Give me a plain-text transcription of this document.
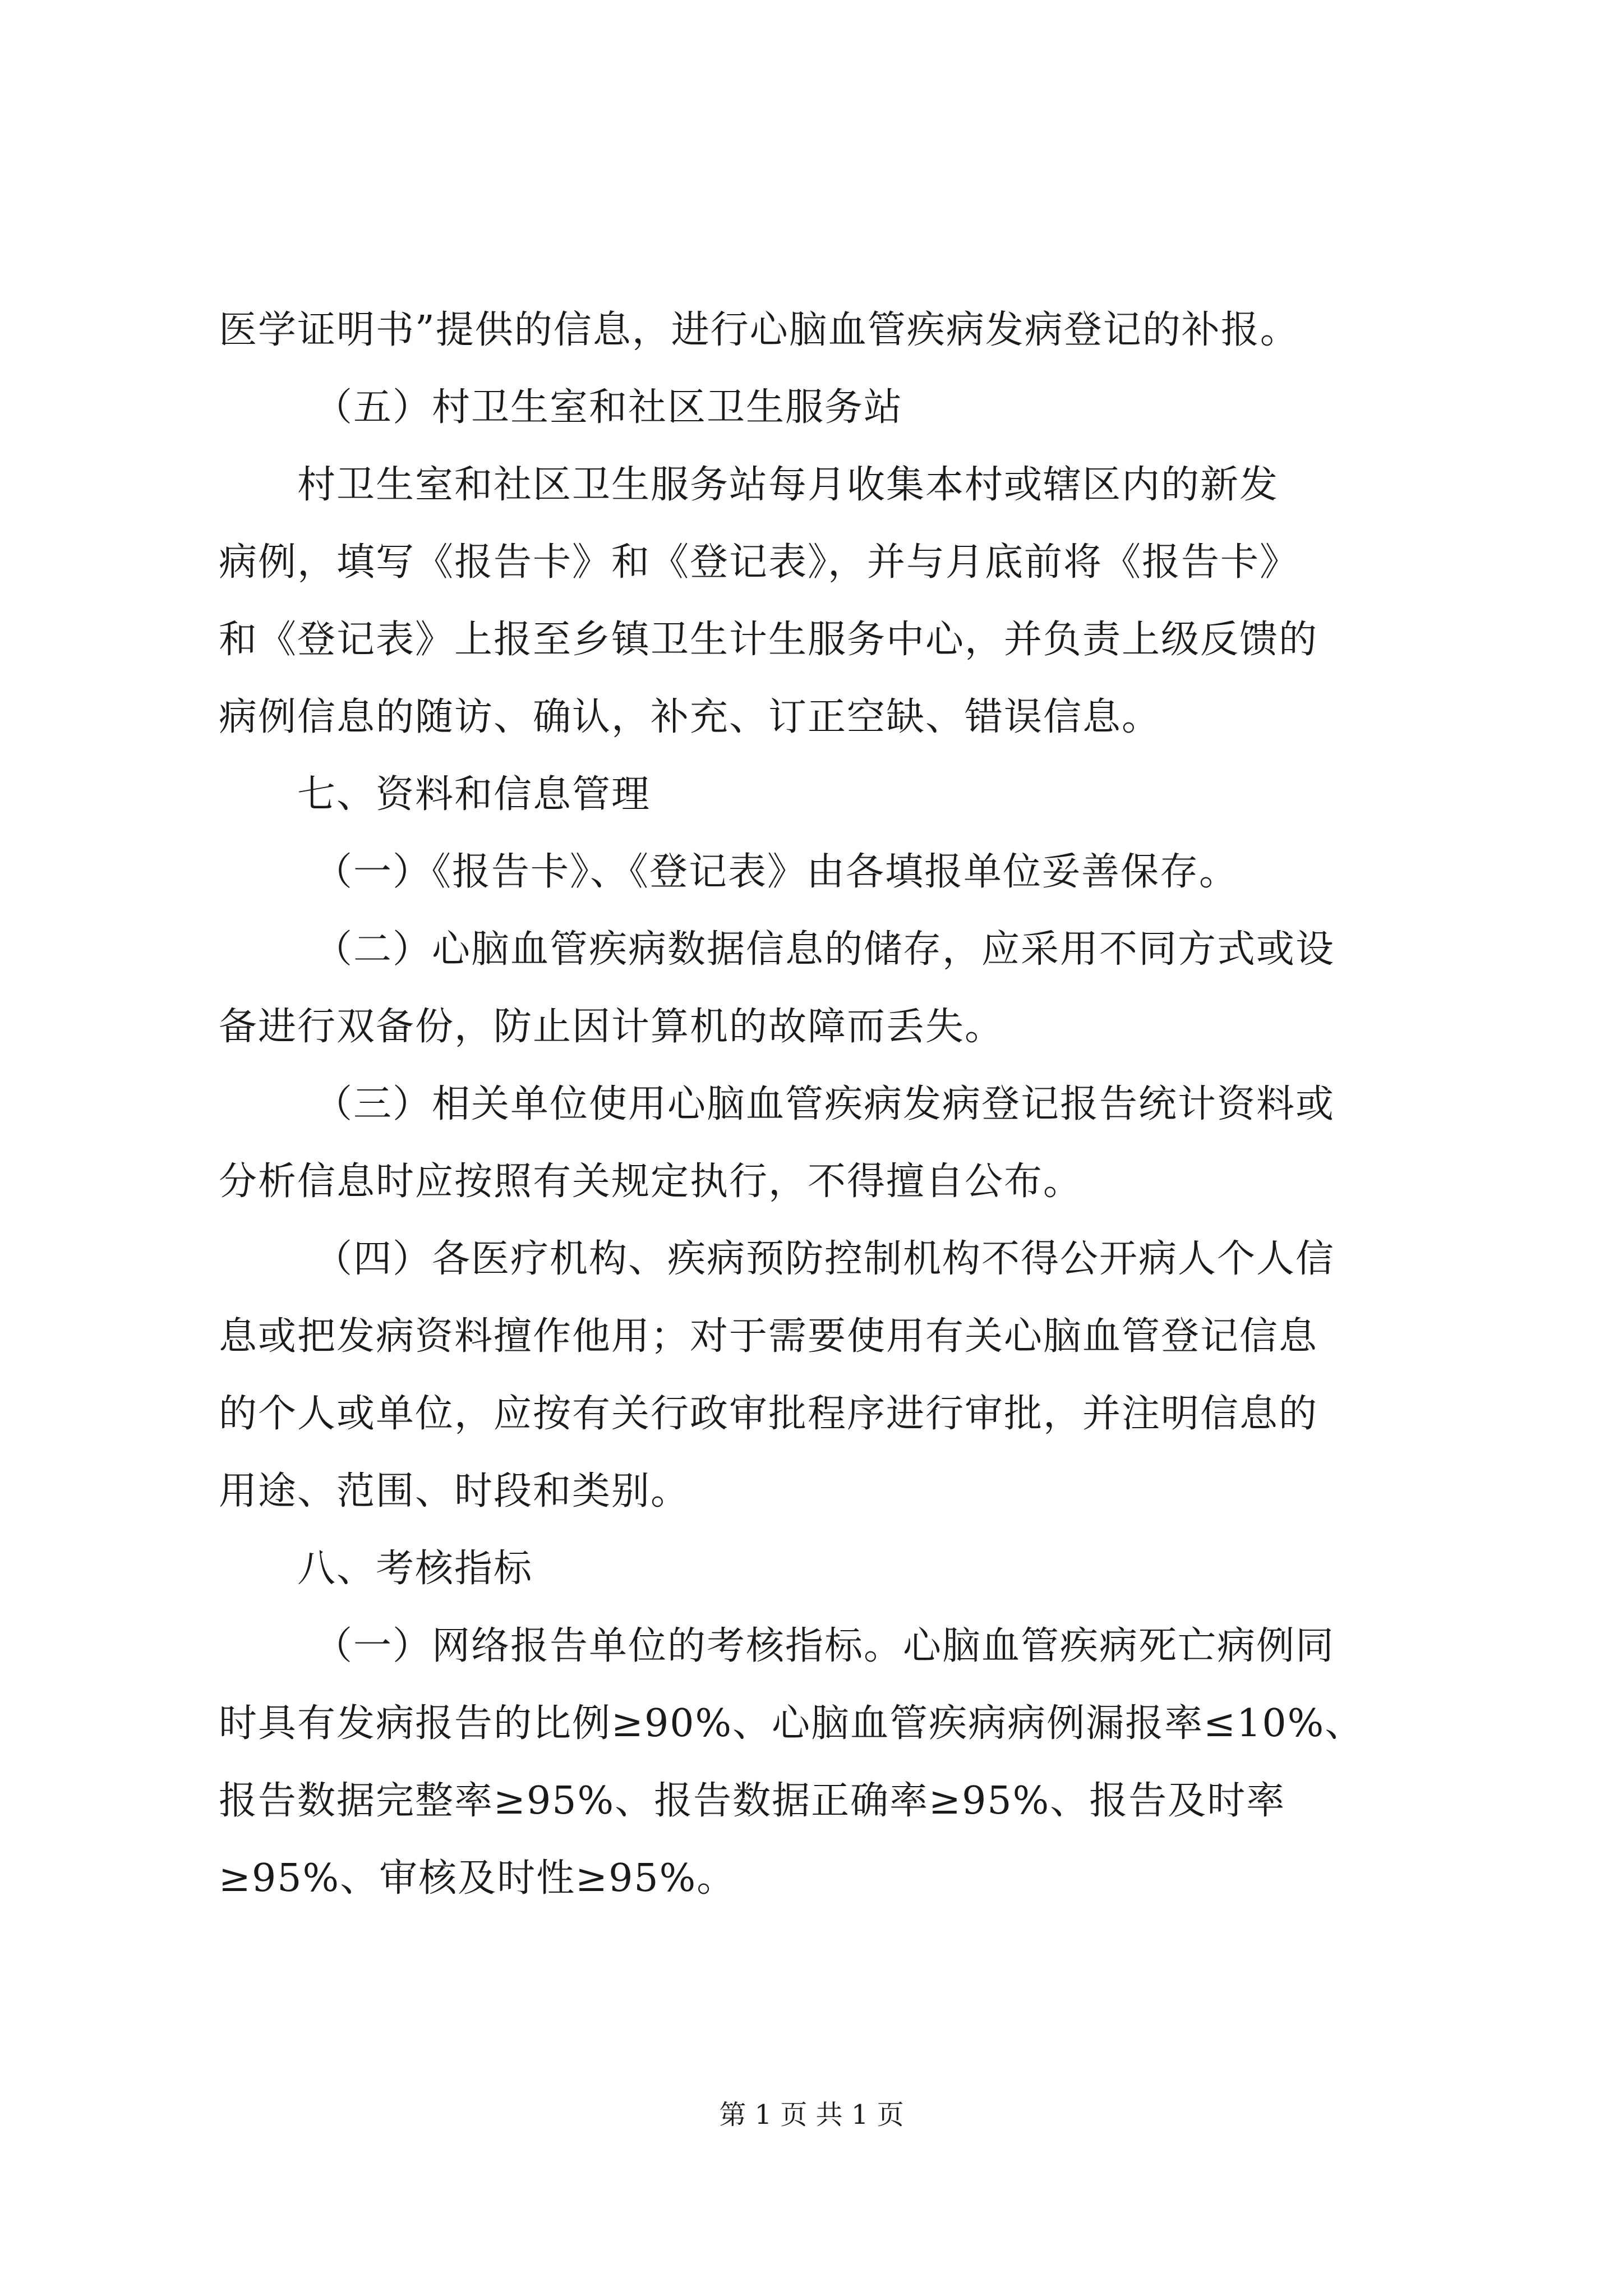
医学证明书”提供的信息，进行心脑血管疾病发病登记的补报。
（五）村卫生室和社区卫生服务站
村卫生室和社区卫生服务站每月收集本村或辖区内的新发
病例，填写《报告卡》和《登记表》，并与月底前将《报告卡》
和《登记表》上报至乡镇卫生计生服务中心，并负责上级反馈的
病例信息的随访、确认，补充、订正空缺、错误信息。
七、资料和信息管理
（一）《报告卡》、《登记表》由各填报单位妥善保存。
（二）心脑血管疾病数据信息的储存，应采用不同方式或设
备进行双备份，防止因计算机的故障而丢失。
（三）相关单位使用心脑血管疾病发病登记报告统计资料或
分析信息时应按照有关规定执行，不得擅自公布。
（四）各医疗机构、疾病预防控制机构不得公开病人个人信
息或把发病资料擅作他用；对于需要使用有关心脑血管登记信息
的个人或单位，应按有关行政审批程序进行审批，并注明信息的
用途、范围、时段和类别。
八、考核指标
（一）网络报告单位的考核指标。心脑血管疾病死亡病例同
时具有发病报告的比例≥90%、心脑血管疾病病例漏报率≤10%、
报告数据完整率≥95%、报告数据正确率≥95%、报告及时率
≥95%、审核及时性≥95%。
第 1 页 共 1 页
